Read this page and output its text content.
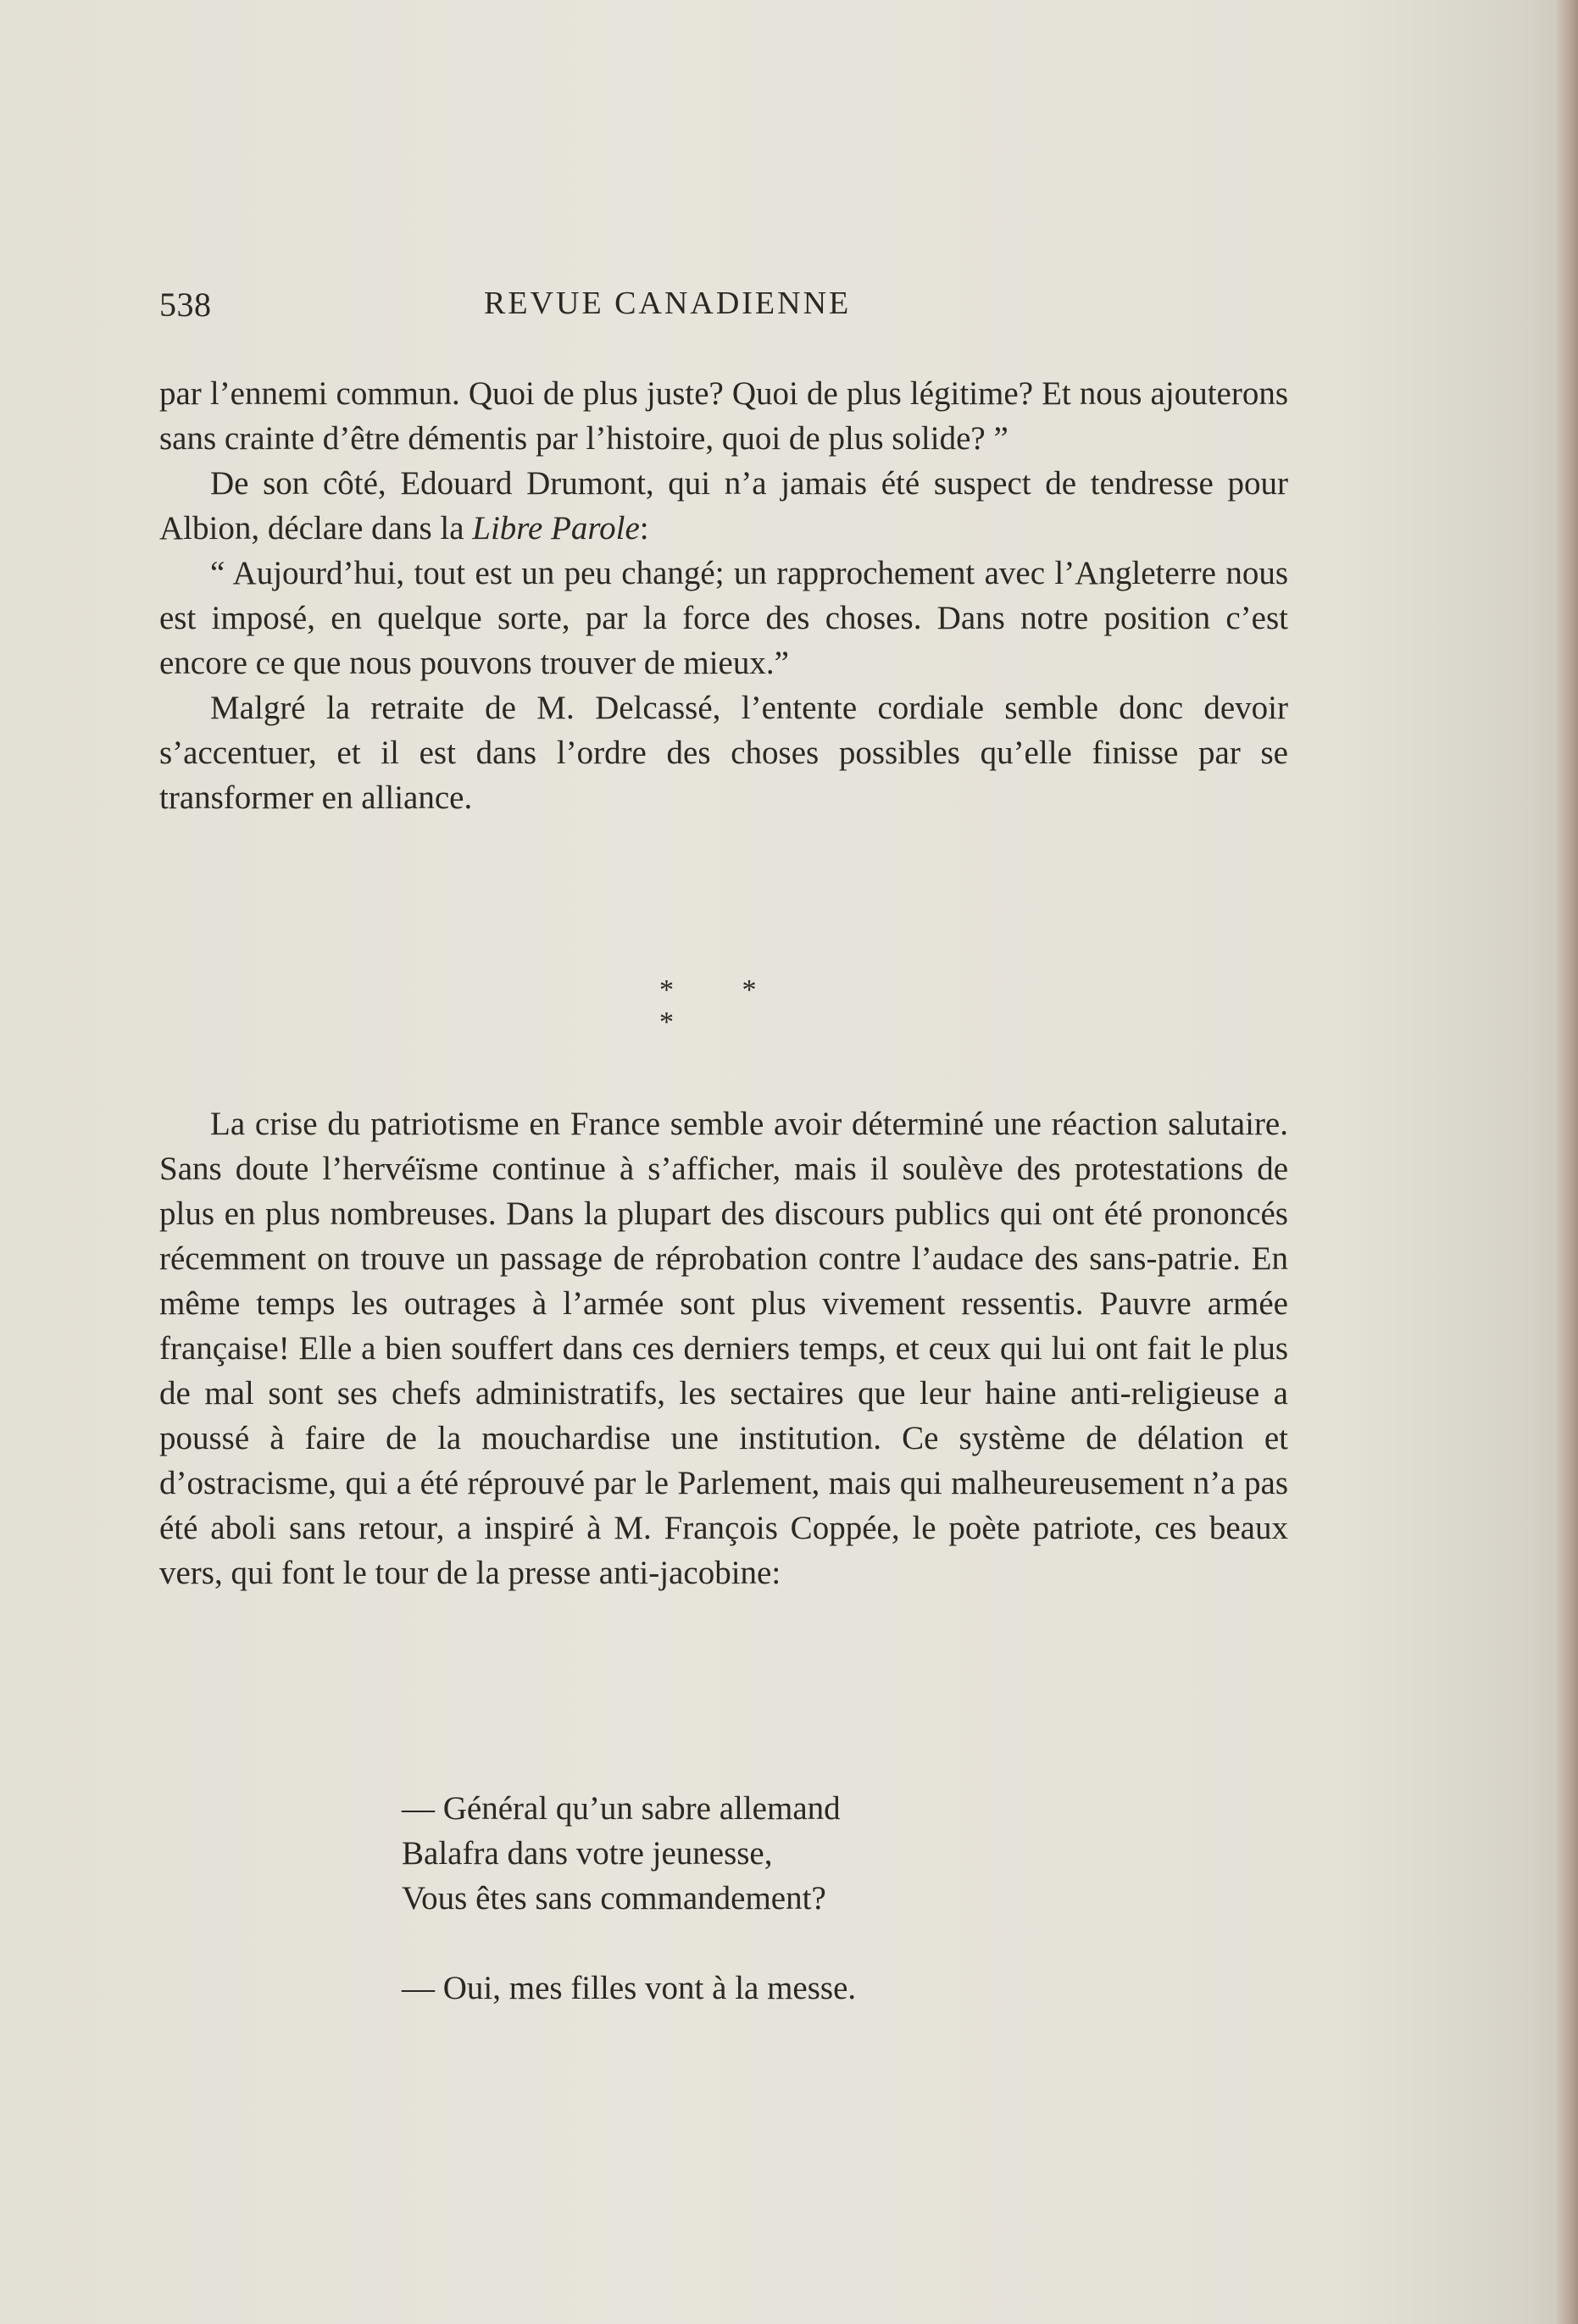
538	REVUE CANADIENNE

par l’ennemi commun. Quoi de plus juste? Quoi de plus légitime? Et nous ajouterons sans crainte d’être démentis par l’histoire, quoi de plus solide? ”

De son côté, Edouard Drumont, qui n’a jamais été suspect de tendresse pour Albion, déclare dans la Libre Parole:

“ Aujourd’hui, tout est un peu changé; un rapprochement avec l’Angleterre nous est imposé, en quelque sorte, par la force des choses. Dans notre position c’est encore ce que nous pouvons trouver de mieux.”

Malgré la retraite de M. Delcassé, l’entente cordiale semble donc devoir s’accentuer, et il est dans l’ordre des choses possibles qu’elle finisse par se transformer en alliance.

* * *

La crise du patriotisme en France semble avoir déterminé une réaction salutaire. Sans doute l’hervéïsme continue à s’afficher, mais il soulève des protestations de plus en plus nombreuses. Dans la plupart des discours publics qui ont été prononcés récemment on trouve un passage de réprobation contre l’audace des sans-patrie. En même temps les outrages à l’armée sont plus vivement ressentis. Pauvre armée française! Elle a bien souffert dans ces derniers temps, et ceux qui lui ont fait le plus de mal sont ses chefs administratifs, les sectaires que leur haine anti-religieuse a poussé à faire de la mouchardise une institution. Ce système de délation et d’ostracisme, qui a été réprouvé par le Parlement, mais qui malheureusement n’a pas été aboli sans retour, a inspiré à M. François Coppée, le poète patriote, ces beaux vers, qui font le tour de la presse anti-jacobine:

— Général qu’un sabre allemand
Balafra dans votre jeunesse,
Vous êtes sans commandement?
— Oui, mes filles vont à la messe.
